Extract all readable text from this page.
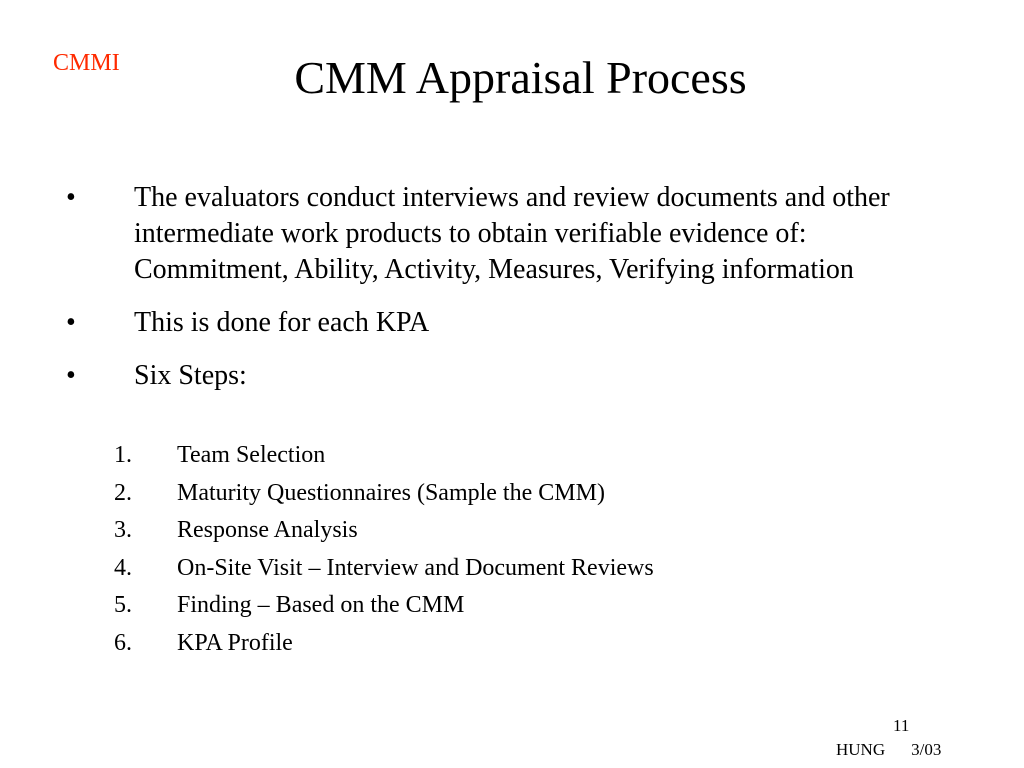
CMMI	CMM Appraisal Process
•	The evaluators conduct interviews and review documents and other intermediate work products to obtain verifiable evidence of: Commitment, Ability, Activity, Measures, Verifying information
•	This is done for each KPA
•	Six Steps:
1. Team Selection
2. Maturity Questionnaires (Sample the CMM)
3. Response Analysis
4. On-Site Visit – Interview and Document Reviews
5. Finding – Based on the CMM
6. KPA Profile
11
HUNG 3/03
